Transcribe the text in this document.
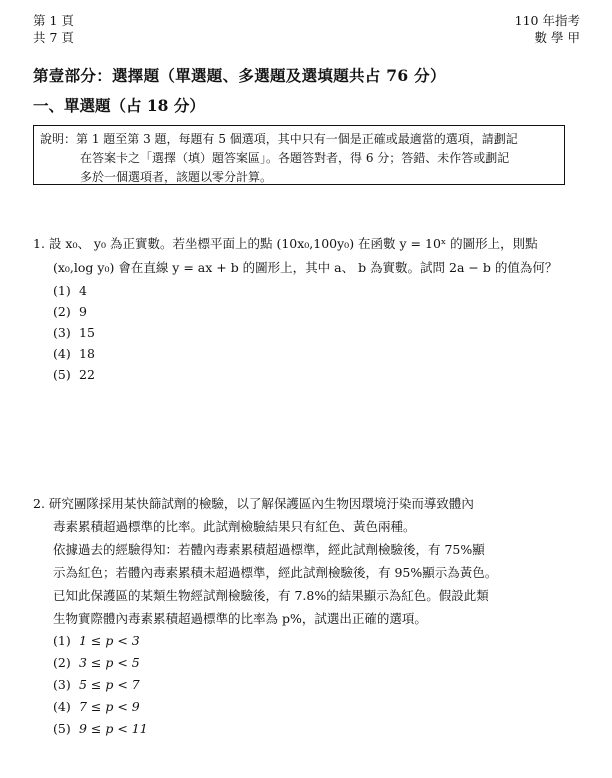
第 1 頁
共 7 頁
110 年指考
數 學 甲
第壹部分：選擇題（單選題、多選題及選填題共占 76 分）
一、單選題（占 18 分）
說明：第 1 題至第 3 題，每題有 5 個選項，其中只有一個是正確或最適當的選項，請劃記
在答案卡之「選擇（填）題答案區」。各題答對者，得 6 分；答錯、未作答或劃記
多於一個選項者，該題以零分計算。
1. 設 x₀、 y₀ 為正實數。若坐標平面上的點 (10x₀,100y₀) 在函數 y = 10ˣ 的圖形上，則點
(x₀,log y₀) 會在直線 y = ax + b 的圖形上，其中 a、 b 為實數。試問 2a − b 的值為何？
(1) 4
(2) 9
(3) 15
(4) 18
(5) 22
2. 研究團隊採用某快篩試劑的檢驗，以了解保護區內生物因環境汙染而導致體內
毒素累積超過標準的比率。此試劑檢驗結果只有紅色、黃色兩種。
依據過去的經驗得知：若體內毒素累積超過標準，經此試劑檢驗後，有 75%顯
示為紅色；若體內毒素累積未超過標準，經此試劑檢驗後，有 95%顯示為黃色。
已知此保護區的某類生物經試劑檢驗後，有 7.8%的結果顯示為紅色。假設此類
生物實際體內毒素累積超過標準的比率為 p%，試選出正確的選項。
(1) 1 ≤ p < 3
(2) 3 ≤ p < 5
(3) 5 ≤ p < 7
(4) 7 ≤ p < 9
(5) 9 ≤ p < 11
